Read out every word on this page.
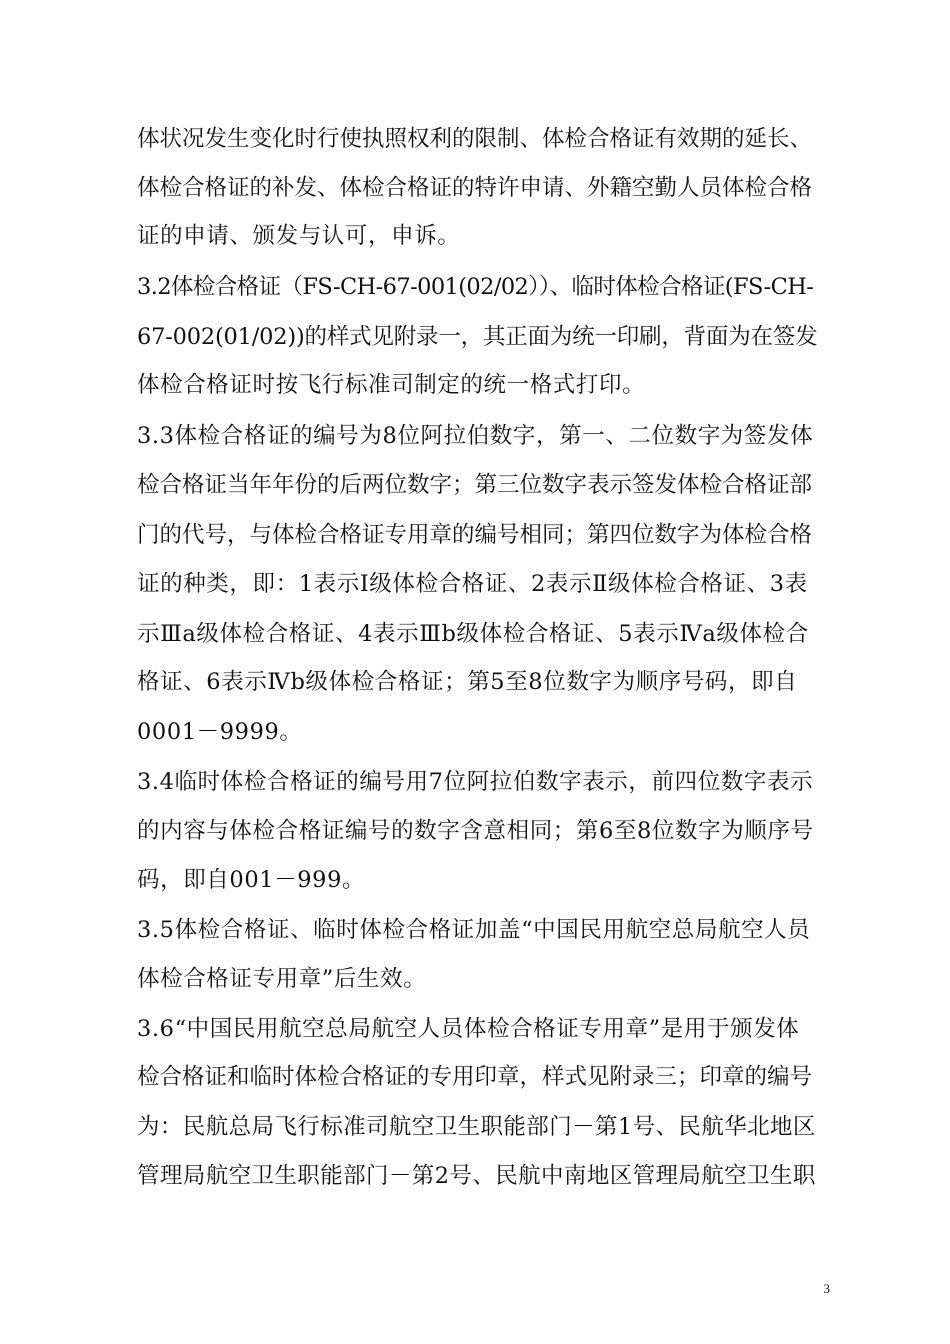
体状况发生变化时行使执照权利的限制、体检合格证有效期的延长、
体检合格证的补发、体检合格证的特许申请、外籍空勤人员体检合格
证的申请、颁发与认可，申诉。
3.2体检合格证（FS-CH-67-001(02/02））、临时体检合格证(FS-CH-
67-002(01/02))的样式见附录一，其正面为统一印刷，背面为在签发
体检合格证时按飞行标准司制定的统一格式打印。
3.3体检合格证的编号为8位阿拉伯数字，第一、二位数字为签发体
检合格证当年年份的后两位数字；第三位数字表示签发体检合格证部
门的代号，与体检合格证专用章的编号相同；第四位数字为体检合格
证的种类，即：1表示Ⅰ级体检合格证、2表示Ⅱ级体检合格证、3表
示Ⅲa级体检合格证、4表示Ⅲb级体检合格证、5表示Ⅳa级体检合
格证、6表示Ⅳb级体检合格证；第5至8位数字为顺序号码，即自
0001－9999。
3.4临时体检合格证的编号用7位阿拉伯数字表示，前四位数字表示
的内容与体检合格证编号的数字含意相同；第6至8位数字为顺序号
码，即自001－999。
3.5体检合格证、临时体检合格证加盖“中国民用航空总局航空人员
体检合格证专用章”后生效。
3.6“中国民用航空总局航空人员体检合格证专用章”是用于颁发体
检合格证和临时体检合格证的专用印章，样式见附录三；印章的编号
为：民航总局飞行标准司航空卫生职能部门－第1号、民航华北地区
管理局航空卫生职能部门－第2号、民航中南地区管理局航空卫生职
3
